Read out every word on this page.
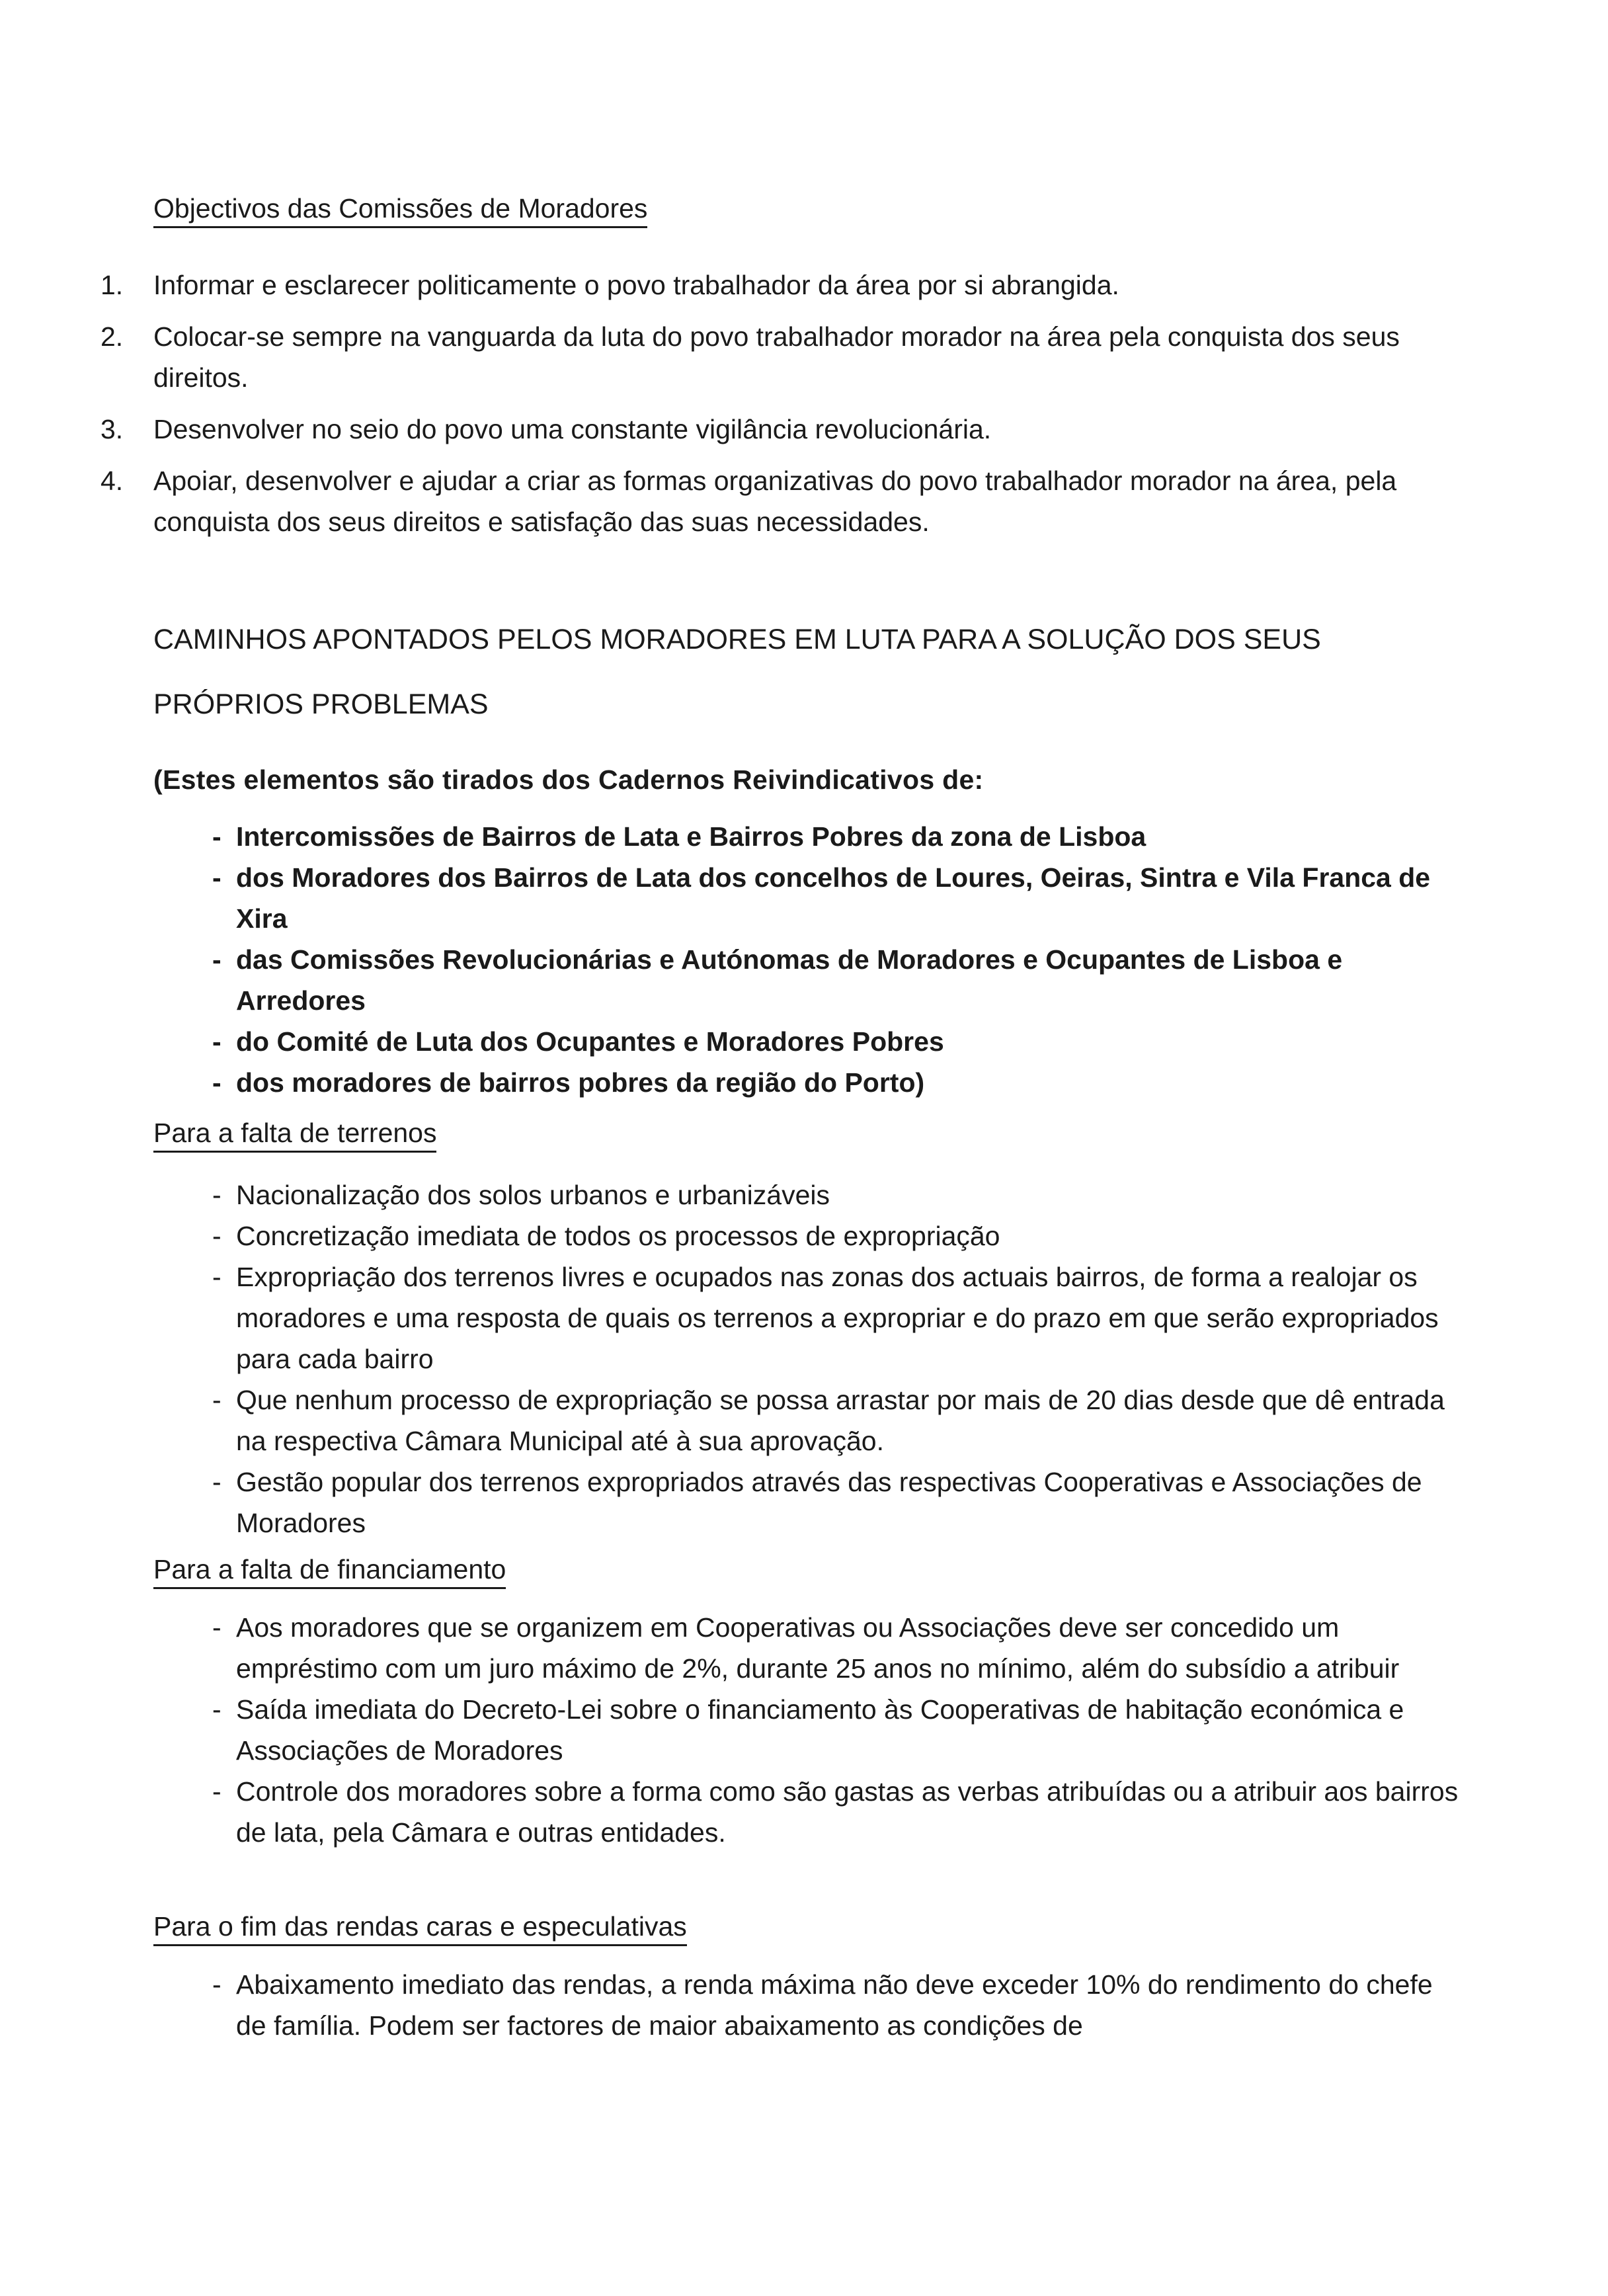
Objectivos das Comissões de Moradores
1.	Informar e esclarecer politicamente o povo trabalhador da área por si abrangida.
2.	Colocar-se sempre na vanguarda da luta do povo trabalhador morador na área pela conquista dos seus direitos.
3.	Desenvolver no seio do povo uma constante vigilância revolucionária.
4.	Apoiar, desenvolver e ajudar a criar as formas organizativas do povo trabalhador morador na área, pela conquista dos seus direitos e satisfação das suas necessidades.
CAMINHOS APONTADOS PELOS MORADORES EM LUTA PARA A SOLUÇÃO DOS SEUS
PRÓPRIOS PROBLEMAS
(Estes elementos são tirados dos Cadernos Reivindicativos de:
- Intercomissões de Bairros de Lata e Bairros Pobres da zona de Lisboa
- dos Moradores dos Bairros de Lata dos concelhos de Loures, Oeiras, Sintra e Vila Franca de Xira
- das Comissões Revolucionárias e Autónomas de Moradores e Ocupantes de Lisboa e Arredores
- do Comité de Luta dos Ocupantes e Moradores Pobres
- dos moradores de bairros pobres da região do Porto)
Para a falta de terrenos
- Nacionalização dos solos urbanos e urbanizáveis
- Concretização imediata de todos os processos de expropriação
- Expropriação dos terrenos livres e ocupados nas zonas dos actuais bairros, de forma a realojar os moradores e uma resposta de quais os terrenos a expropriar e do prazo em que serão expropriados para cada bairro
- Que nenhum processo de expropriação se possa arrastar por mais de 20 dias desde que dê entrada na respectiva Câmara Municipal até à sua aprovação.
- Gestão popular dos terrenos expropriados através das respectivas Cooperativas e Associações de Moradores
Para a falta de financiamento
- Aos moradores que se organizem em Cooperativas ou Associações deve ser concedido um empréstimo com um juro máximo de 2%, durante 25 anos no mínimo, além do subsídio a atribuir
- Saída imediata do Decreto-Lei sobre o financiamento às Cooperativas de habitação económica e Associações de Moradores
- Controle dos moradores sobre a forma como são gastas as verbas atribuídas ou a atribuir aos bairros de lata, pela Câmara e outras entidades.
Para o fim das rendas caras e especulativas
- Abaixamento imediato das rendas, a renda máxima não deve exceder 10% do rendimento do chefe de família. Podem ser factores de maior abaixamento as condições de
